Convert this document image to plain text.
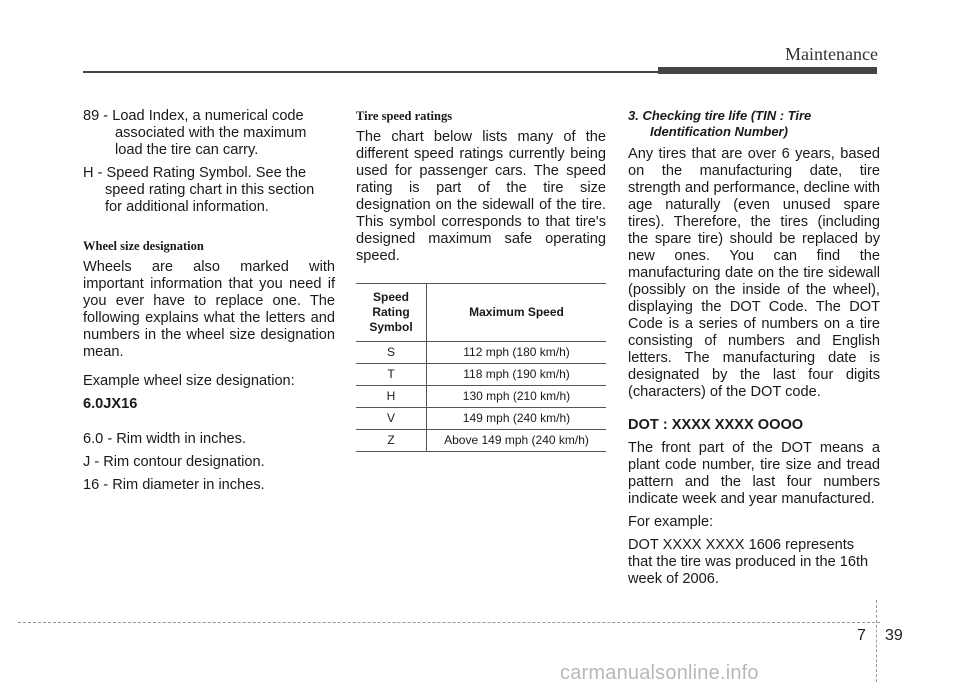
Maintenance
89 - Load Index, a numerical code associated with the maximum load the tire can carry.
H - Speed Rating Symbol. See the speed rating chart in this section for additional information.
Wheel size designation

Wheels are also marked with important information that you need if you ever have to replace one. The following explains what the letters and numbers in the wheel size designation mean.

Example wheel size designation:

6.0JX16

6.0 - Rim width in inches.

J - Rim contour designation.

16 - Rim diameter in inches.

Tire speed ratings

The chart below lists many of the different speed ratings currently being used for passenger cars. The speed rating is part of the tire size designation on the sidewall of the tire. This symbol corresponds to that tire's designed maximum safe operating speed.

Speed
Rating
Symbol	Maximum Speed
S	112 mph (180 km/h)
T	118 mph (190 km/h)
H	130 mph (210 km/h)
V	149 mph (240 km/h)
Z	Above 149 mph (240 km/h)
3. Checking tire life (TIN : Tire
Identification Number)

Any tires that are over 6 years, based on the manufacturing date, tire strength and performance, decline with age naturally (even unused spare tires). Therefore, the tires (including the spare tire) should be replaced by new ones. You can find the manufacturing date on the tire sidewall (possibly on the inside of the wheel), displaying the DOT Code. The DOT Code is a series of numbers on a tire consisting of numbers and English letters. The manufacturing date is designated by the last four digits (characters) of the DOT code.

DOT : XXXX XXXX OOOO

The front part of the DOT means a plant code number, tire size and tread pattern and the last four numbers indicate week and year manufactured.

For example:

DOT XXXX XXXX 1606 represents that the tire was produced in the 16th week of 2006.

7 39
carmanualsonline.info
